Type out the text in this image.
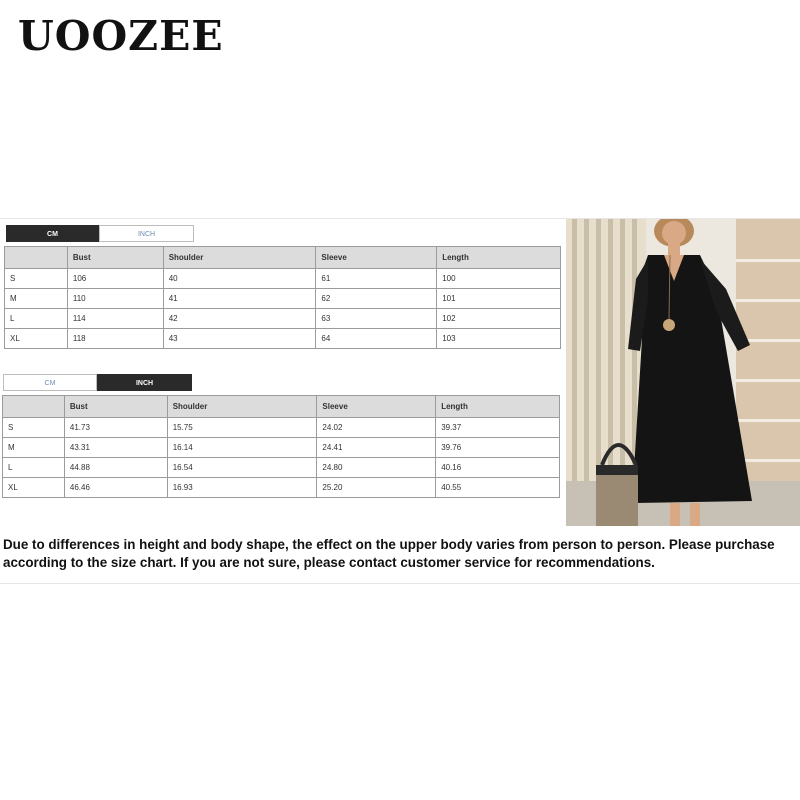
UOOZEE
CM	INCH
	Bust	Shoulder	Sleeve	Length
S	106	40	61	100
M	110	41	62	101
L	114	42	63	102
XL	118	43	64	103
CM	INCH
	Bust	Shoulder	Sleeve	Length
S	41.73	15.75	24.02	39.37
M	43.31	16.14	24.41	39.76
L	44.88	16.54	24.80	40.16
XL	46.46	16.93	25.20	40.55
Due to differences in height and body shape, the effect on the upper body varies from person to person. Please purchase according to the size chart. If you are not sure, please contact customer service for recommendations.
